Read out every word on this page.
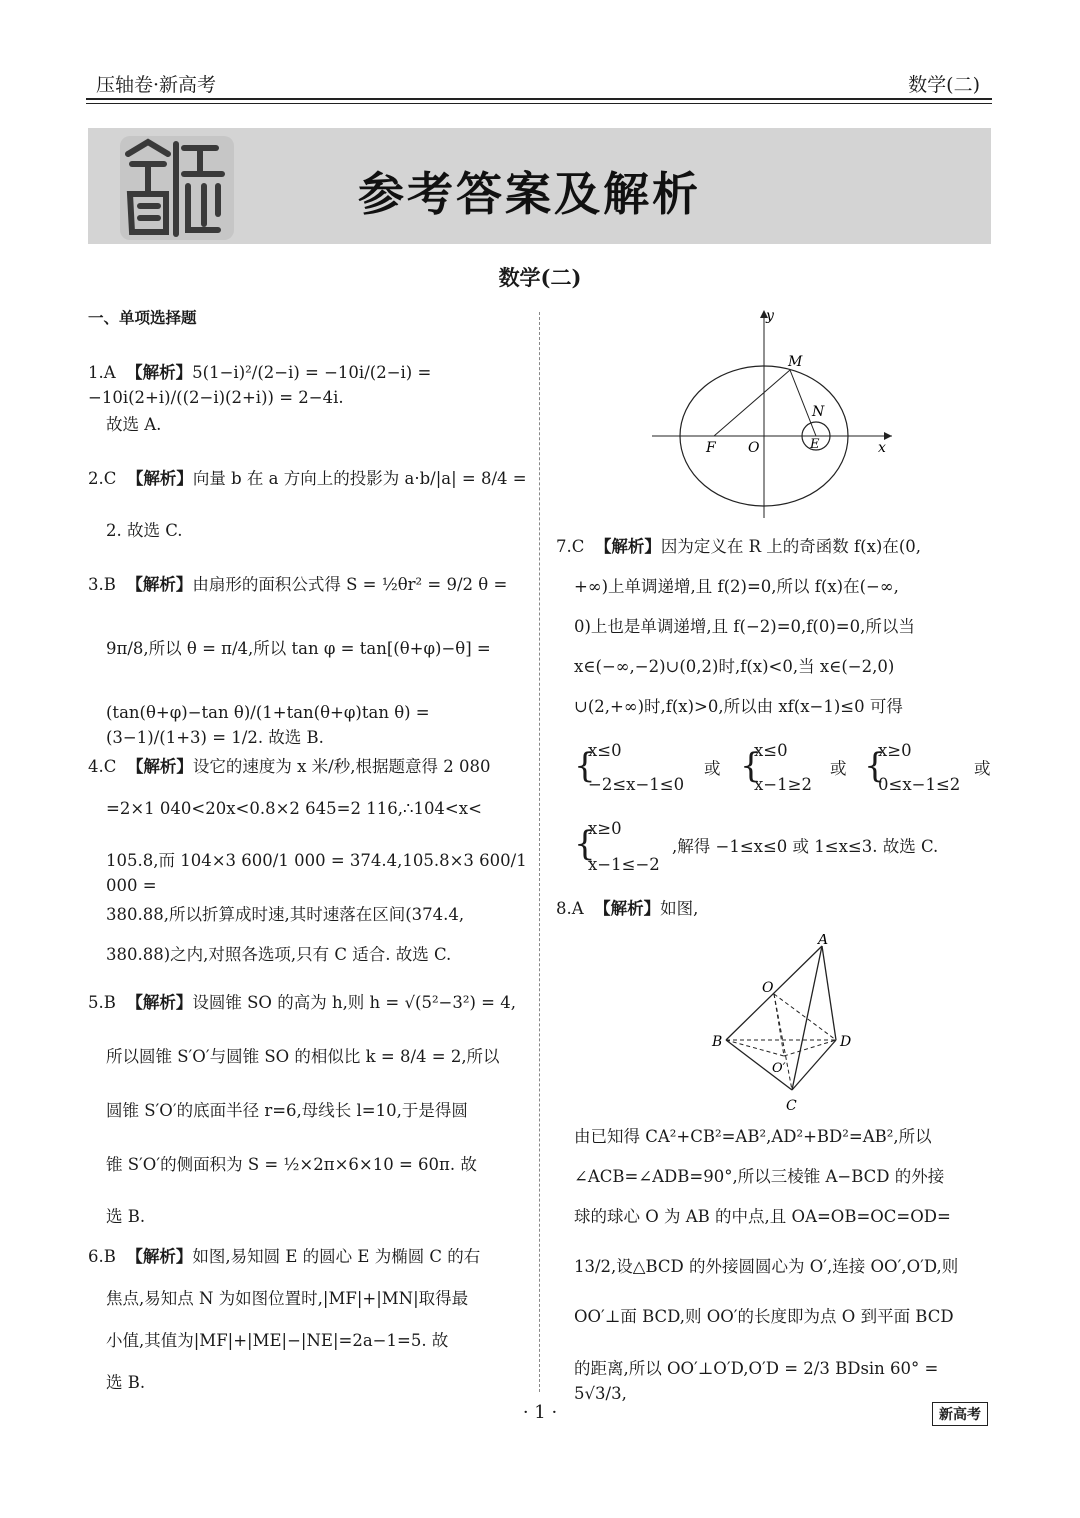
压轴卷·新高考	数学(二)
参考答案及解析
数学(二)
一、单项选择题
1.A 【解析】5(1−i)²/(2−i) = −10i/(2−i) = −10i(2+i)/((2−i)(2+i)) = 2−4i.
故选 A.
2.C 【解析】向量 b 在 a 方向上的投影为 a·b/|a| = 8/4 =
2. 故选 C.
3.B 【解析】由扇形的面积公式得 S = ½θr² = 9/2 θ =
9π/8,所以 θ = π/4,所以 tan φ = tan[(θ+φ)−θ] =
(tan(θ+φ)−tan θ)/(1+tan(θ+φ)tan θ) = (3−1)/(1+3) = 1/2. 故选 B.
4.C 【解析】设它的速度为 x 米/秒,根据题意得 2 080
=2×1 040<20x<0.8×2 645=2 116,∴104<x<
105.8,而 104×3 600/1 000 = 374.4,105.8×3 600/1 000 =
380.88,所以折算成时速,其时速落在区间(374.4,
380.88)之内,对照各选项,只有 C 适合. 故选 C.
5.B 【解析】设圆锥 SO 的高为 h,则 h = √(5²−3²) = 4,
所以圆锥 S′O′与圆锥 SO 的相似比 k = 8/4 = 2,所以
圆锥 S′O′的底面半径 r=6,母线长 l=10,于是得圆
锥 S′O′的侧面积为 S = ½×2π×6×10 = 60π. 故
选 B.
6.B 【解析】如图,易知圆 E 的圆心 E 为椭圆 C 的右
焦点,易知点 N 为如图位置时,|MF|+|MN|取得最
小值,其值为|MF|+|ME|−|NE|=2a−1=5. 故
选 B.
y
x
M
N
F O	E
7.C 【解析】因为定义在 R 上的奇函数 f(x)在(0,
+∞)上单调递增,且 f(2)=0,所以 f(x)在(−∞,
0)上也是单调递增,且 f(−2)=0,f(0)=0,所以当
x∈(−∞,−2)∪(0,2)时,f(x)<0,当 x∈(−2,0)
∪(2,+∞)时,f(x)>0,所以由 xf(x−1)≤0 可得
{
x≤0
−2≤x−1≤0
或 {
x≤0
x−1≥2
或 {
x≥0
0≤x−1≤2
或
{
x≥0
x−1≤−2
,解得 −1≤x≤0 或 1≤x≤3. 故选 C.
8.A 【解析】如图,
A
O
B	D
O′
C
由已知得 CA²+CB²=AB²,AD²+BD²=AB²,所以
∠ACB=∠ADB=90°,所以三棱锥 A−BCD 的外接
球的球心 O 为 AB 的中点,且 OA=OB=OC=OD=
13/2,设△BCD 的外接圆圆心为 O′,连接 OO′,O′D,则
OO′⊥面 BCD,则 OO′的长度即为点 O 到平面 BCD
的距离,所以 OO′⊥O′D,O′D = 2/3 BDsin 60° = 5√3/3,
· 1 ·	新高考
